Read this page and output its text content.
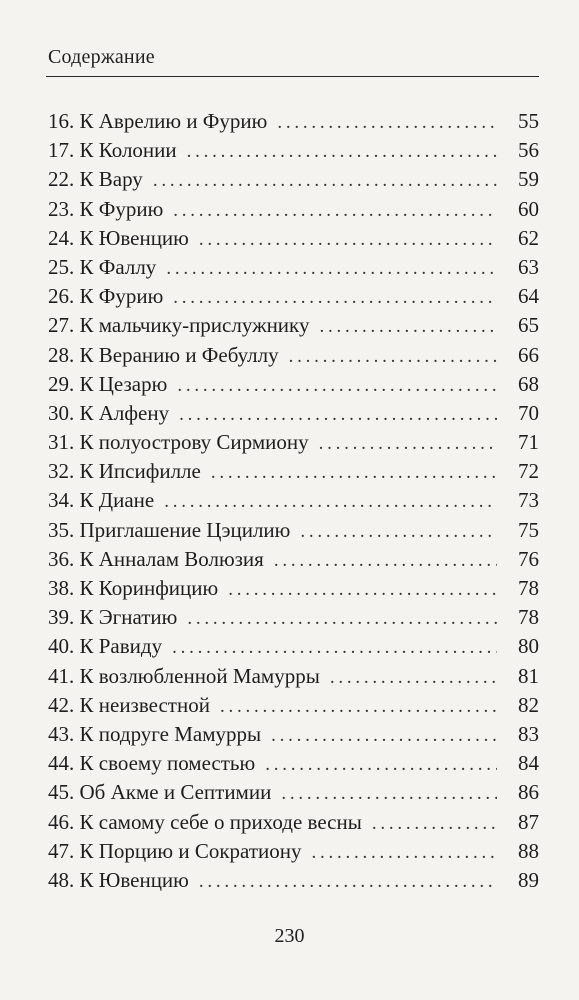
Содержание
16. К Аврелию и Фурию . . .	55
17. К Колонии . . .	56
22. К Вару . . .	59
23. К Фурию . . .	60
24. К Ювенцию . . .	62
25. К Фаллу . . .	63
26. К Фурию . . .	64
27. К мальчику-прислужнику . . .	65
28. К Веранию и Фебуллу . . .	66
29. К Цезарю . . .	68
30. К Алфену . . .	70
31. К полуострову Сирмиону . . .	71
32. К Ипсифилле . . .	72
34. К Диане . . .	73
35. Приглашение Цэцилию . . .	75
36. К Анналам Волюзия . . .	76
38. К Коринфицию . . .	78
39. К Эгнатию . . .	78
40. К Равиду . . .	80
41. К возлюбленной Мамурры . . .	81
42. К неизвестной . . .	82
43. К подруге Мамурры . . .	83
44. К своему поместью . . .	84
45. Об Акме и Септимии . . .	86
46. К самому себе о приходе весны . . .	87
47. К Порцию и Сократиону . . .	88
48. К Ювенцию . . .	89
230
